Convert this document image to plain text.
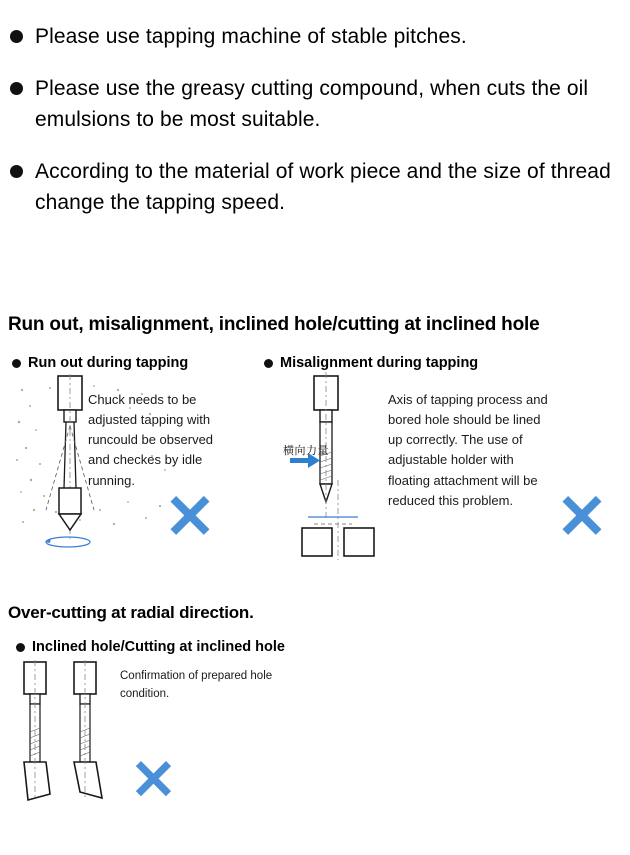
Please use tapping machine of stable pitches.
Please use the greasy cutting compound, when cuts the oil emulsions to be most suitable.
According to the material of work piece and the size of thread change the tapping speed.
Run out, misalignment, inclined hole/cutting at inclined hole
Run out during tapping
Chuck needs to be adjusted tapping with runcould be observed and checkes by idle running.
✕
Misalignment during tapping
横向力量
Axis of tapping process and bored hole should be lined up correctly. The use of adjustable holder with floating attachment will be reduced this problem. ✕
Over-cutting at radial direction.
Inclined hole/Cutting at inclined hole
Confirmation of prepared hole condition.
✕
